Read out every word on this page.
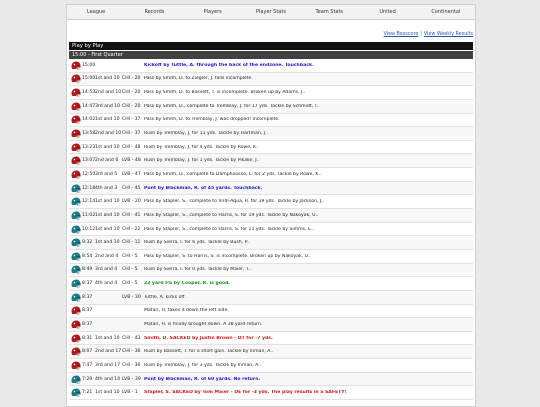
League	Records	Players	Player Stats	Team Stats	United	Continental
View Boxscore | View Weekly Results
Play by Play
15:00 - First Quarter
15:00	Kickoff by Tuttle, A. through the back of the endzone. Touchback.
15:00 1st and 10 CHI - 20 Pass by Smith, D. to Ziegler, J. falls incomplete.
14:53 2nd and 10 CHI - 20 Pass by Smith, D. to Bassett, T. is incomplete. Broken up by Adams, J..
14:47 3rd and 10 CHI - 20 Pass by Smith, D., complete to Tremblay, J. for 17 yds. Tackle by Schmidt, T..
14:02 1st and 10 CHI - 37 Pass by Smith, D. to Tremblay, J. was dropped! Incomplete.
13:58 2nd and 10 CHI - 37 Rush by Tremblay, J. for 11 yds. Tackle by Hartman, J..
13:23 1st and 10 CHI - 48 Rush by Tremblay, J. for 4 yds. Tackle by Rowe, K..
13:07 2nd and 6 LVB - 48 Rush by Tremblay, J. for 1 yds. Tackle by Pikake, J..
12:50 3rd and 5	LVB - 47 Pass by Smith, D., complete to Damphousse, L. for 2 yds. Tackle by Rowe, K..
12:18 4th and 3	CHI - 45 Punt by Blackman, R. of 45 yards. Touchback.
12:14 1st and 10 LVB - 20 Pass by Stapler, S., complete to Virdi-Aqua, R. for 39 yds. Tackle by Jackson, J..
11:02 1st and 10 CHI - 41 Pass by Stapler, S., complete to Harris, S. for 19 yds. Tackle by Nakoyak, U..
10:12 1st and 10 CHI - 22 Pass by Stapler, S., complete to Harris, S. for 11 yds. Tackle by Simms, E..
9:32 1st and 10 CHI - 11 Rush by Sierra, I. for 6 yds. Tackle by Bush, P..
8:54 2nd and 4 CHI - 5	Pass by Stapler, S. to Harris, S. is incomplete. Broken up by Nakoyak, U..
8:49 3rd and 4	CHI - 5	Rush by Sierra, I. for 0 yds. Tackle by Maier, T..
8:37 4th and 4	CHI - 5	22 yard FG by Cooper, R. is good.
8:37	LVB - 30 Tuttle, A. kicks off.
8:37	Matari, H. takes it down the left side.
8:37	Matari, H. is finally brought down. A 38 yard return.
8:31 1st and 10 CHI - 43 Smith, D. SACKED by Justin Brown - DT for -7 yds.
8:07 2nd and 17 CHI - 36 Rush by Bassett, T. for a short gain. Tackle by Inman, A..
7:47 3rd and 17 CHI - 36 Rush by Tremblay, J. for 3 yds. Tackle by Inman, A..
7:29 4th and 14 LVB - 39 Punt by Blackman, R. of 60 yards. No return.
7:21 1st and 10 LVB - 1	Stapler, S. SACKED by Tom Maier - DE for -3 yds. The play results in a SAFETY!
